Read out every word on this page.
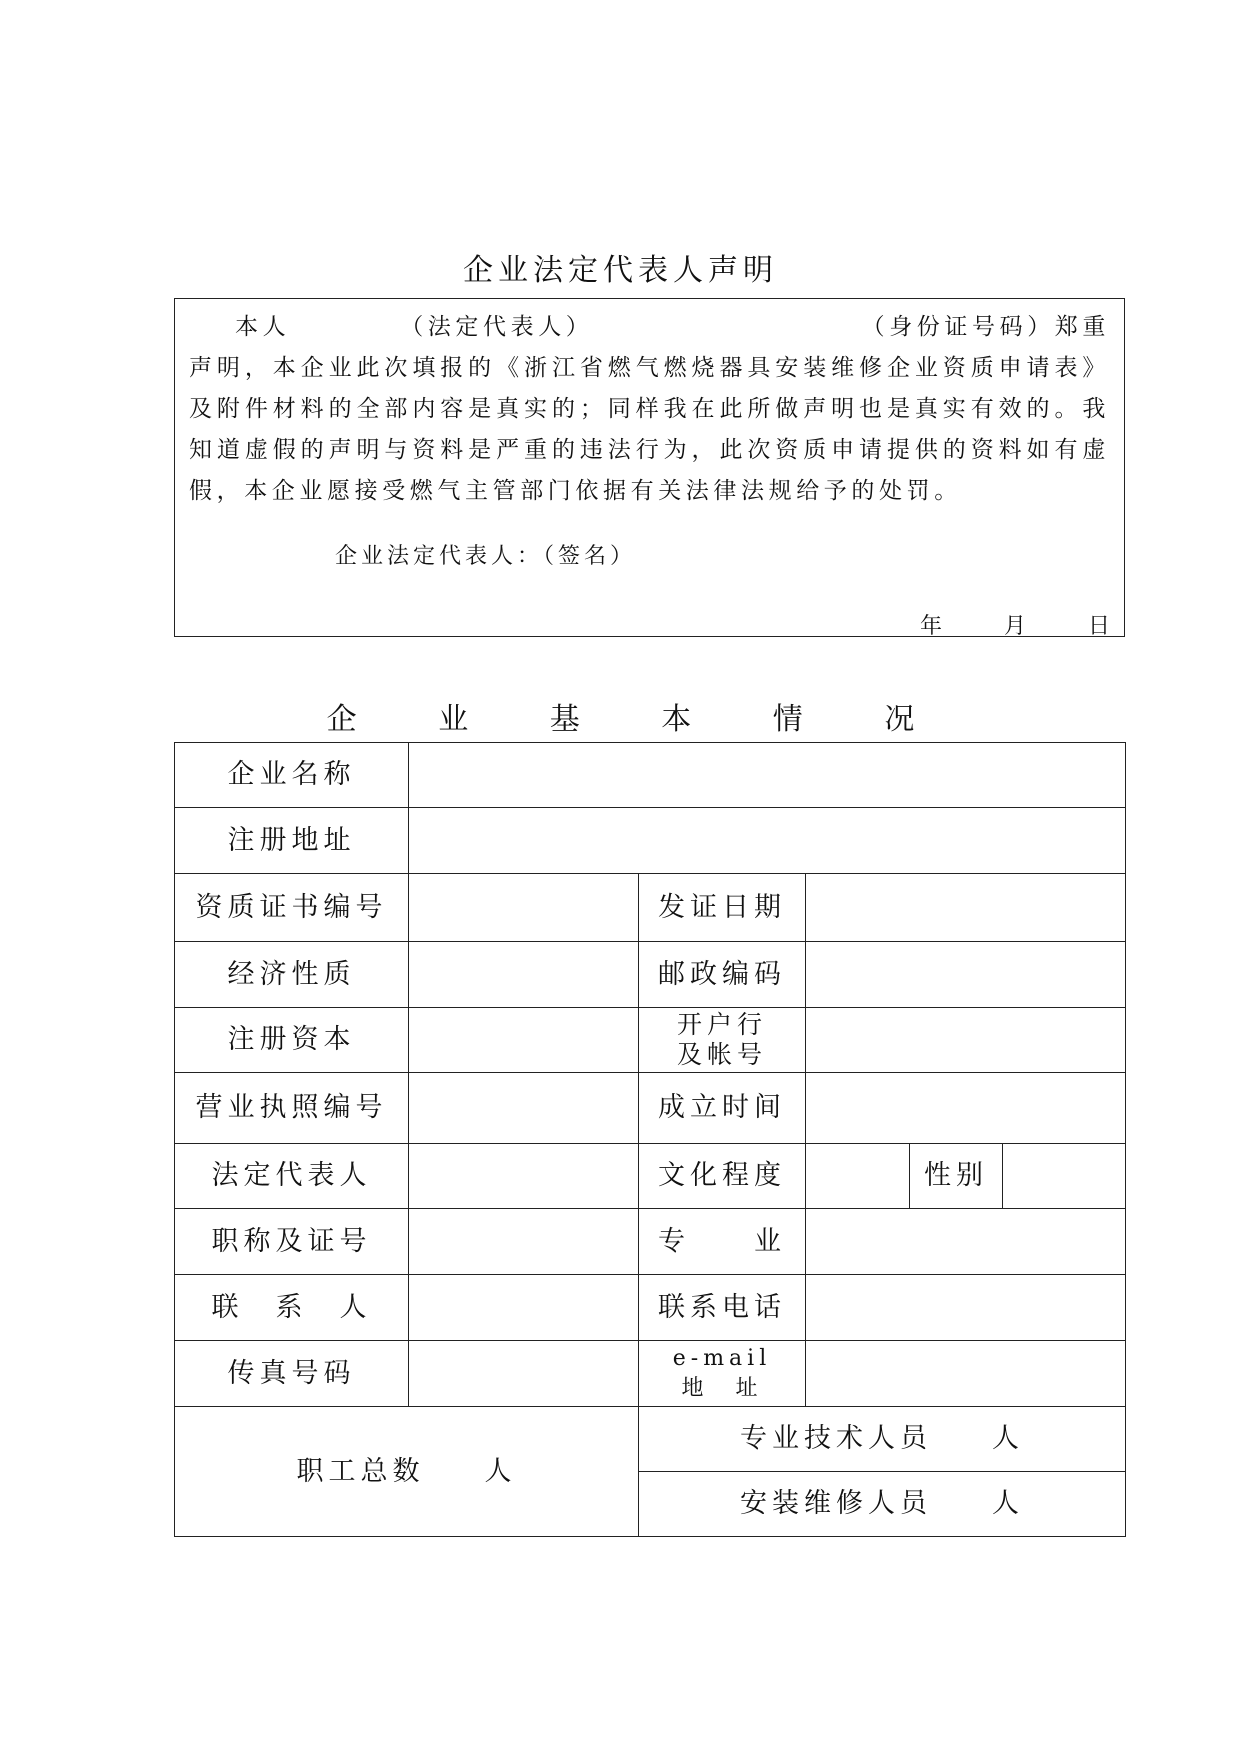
企业法定代表人声明
本人	（法定代表人）	（身份证号码）郑重
声明，本企业此次填报的《浙江省燃气燃烧器具安装维修企业资质申请表》及附件材料的全部内容是真实的；同样我在此所做声明也是真实有效的。我知道虚假的声明与资料是严重的违法行为，此次资质申请提供的资料如有虚假，本企业愿接受燃气主管部门依据有关法律法规给予的处罚。
企业法定代表人：（签名）
年	月	日
企 业 基 本 情 况
企业名称					
注册地址					
资质证书编号		发证日期			
经济性质		邮政编码			
注册资本		开户行
及帐号			

营业执照编号		成立时间			
法定代表人		文化程度		性别	
职称及证号		专　　业			
联　系　人		联系电话			
传真号码		e-mail
地　址			

职工总数 人		专业技术人员 人			
		安装维修人员 人			
